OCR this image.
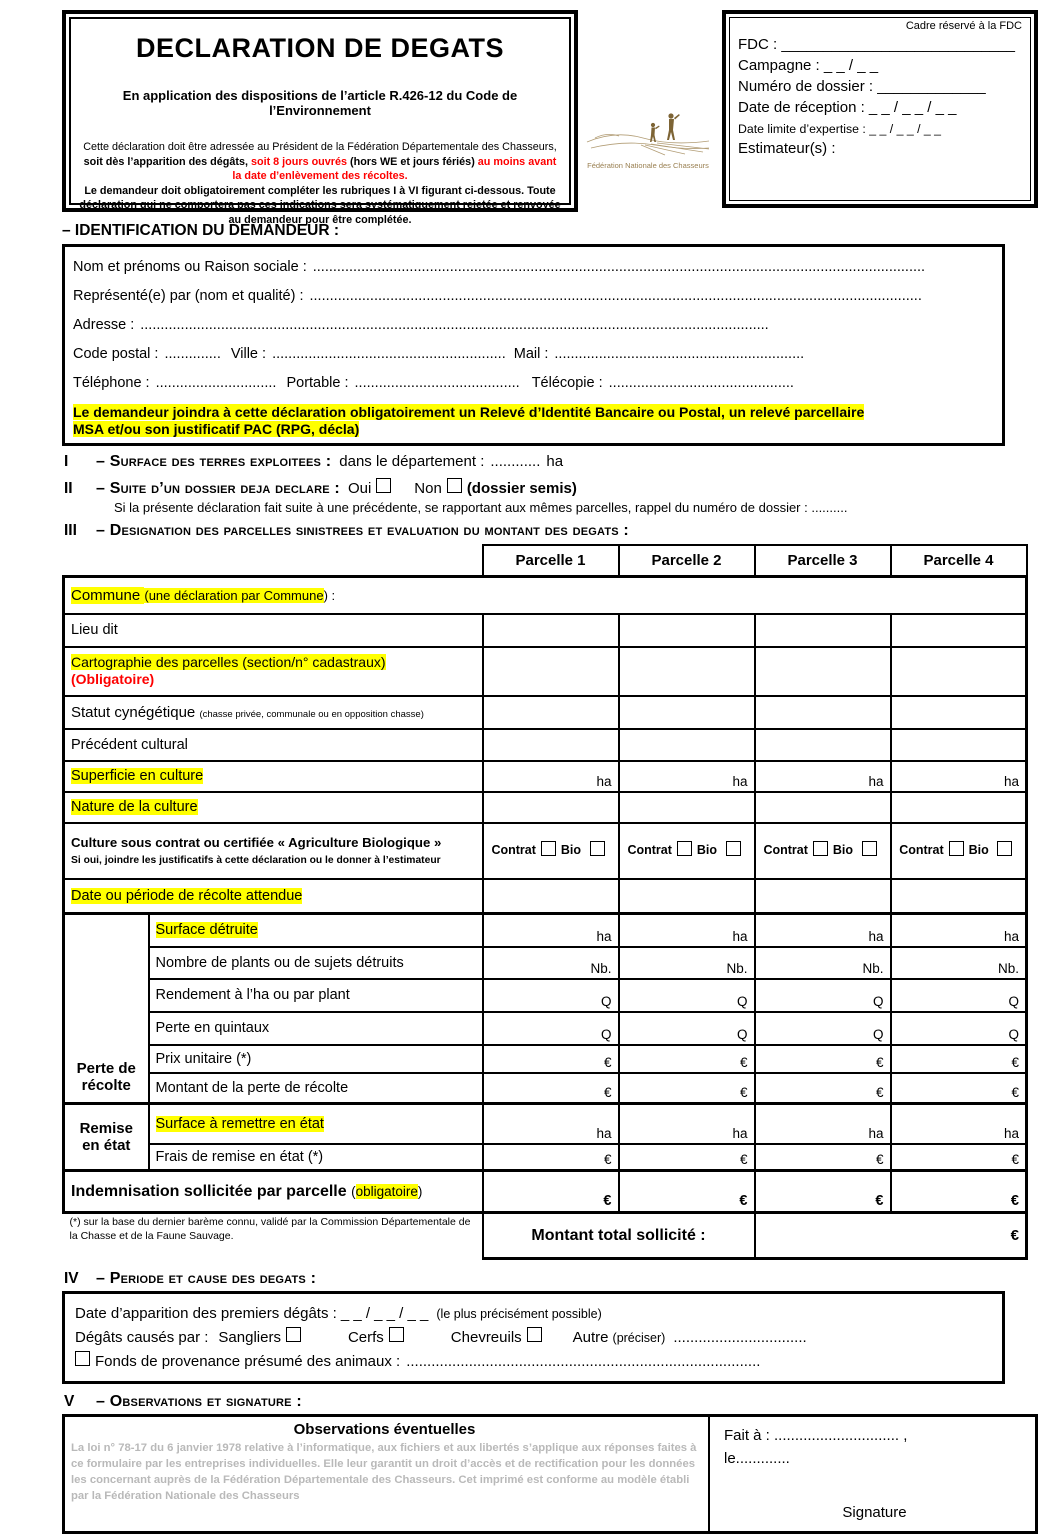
DECLARATION DE DEGATS
En application des dispositions de l’article R.426-12 du Code de l’Environnement
Cette déclaration doit être adressée au Président de la Fédération Départementale des Chasseurs, soit dès l’apparition des dégâts, soit 8 jours ouvrés (hors WE et jours fériés) au moins avant la date d’enlèvement des récoltes.
Le demandeur doit obligatoirement compléter les rubriques I à VI figurant ci-dessous. Toute déclaration qui ne comportera pas ces indications sera systématiquement rejetée et renvoyée au demandeur pour être complétée.
Fédération Nationale des Chasseurs
Cadre réservé à la FDC
FDC : ____________________________
Campagne : _ _ / _ _
Numéro de dossier : _____________
Date de réception : _ _ / _ _ / _ _
Date limite d’expertise : _ _ / _ _ / _ _
Estimateur(s) :
– IDENTIFICATION DU DEMANDEUR :
Nom et prénoms ou Raison sociale : ........................................................................................................................................................
Représenté(e) par (nom et qualité) : ........................................................................................................................................................
Adresse : ............................................................................................................................................................
Code postal : .............. Ville : .......................................................... Mail : ..............................................................
Téléphone : .............................. Portable : ......................................... Télécopie : ..............................................
Le demandeur joindra à cette déclaration obligatoirement un Relevé d’Identité Bancaire ou Postal, un relevé parcellaire
MSA et/ou son justificatif PAC (RPG, décla)
I	– Surface des terres exploitees : dans le département : ............ ha
II	– Suite d’un dossier deja declare : Oui	Non (dossier semis)
Si la présente déclaration fait suite à une précédente, se rapportant aux mêmes parcelles, rappel du numéro de dossier : ..........
III	– Designation des parcelles sinistrees et evaluation du montant des degats :
		Parcelle 1	Parcelle 2	Parcelle 3	Parcelle 4
Commune (une déclaration par Commune) :					
Lieu dit					
Cartographie des parcelles (section/n° cadastraux)
(Obligatoire)					
Statut cynégétique (chasse privée, communale ou en opposition chasse)					
Précédent cultural					
Superficie en culture		ha	ha	ha	ha
Nature de la culture					
Culture sous contrat ou certifiée « Agriculture Biologique »
Si oui, joindre les justificatifs à cette déclaration ou le donner à l’estimateur		Contrat Bio	Contrat Bio	Contrat Bio	Contrat Bio
Date ou période de récolte attendue					
Perte de récolte	Surface détruite	ha	ha	ha	ha
	Nombre de plants ou de sujets détruits	Nb.	Nb.	Nb.	Nb.
	Rendement à l’ha ou par plant	Q	Q	Q	Q
	Perte en quintaux	Q	Q	Q	Q
	Prix unitaire (*)	€	€	€	€
	Montant de la perte de récolte	€	€	€	€
Remise en état	Surface à remettre en état	ha	ha	ha	ha
	Frais de remise en état (*)	€	€	€	€
Indemnisation sollicitée par parcelle (obligatoire)		€	€	€	€
(*) sur la base du dernier barème connu, validé par la Commission Départementale de la Chasse et de la Faune Sauvage.		Montant total sollicité :		€	
IV	– Periode et cause des degats :
Date d’apparition des premiers dégâts : _ _ / _ _ / _ _ (le plus précisément possible)
Dégâts causés par : Sangliers	Cerfs	Chevreuils	Autre (préciser) ................................
Fonds de provenance présumé des animaux : .....................................................................................
V	– Observations et signature :
Observations éventuelles
La loi n° 78-17 du 6 janvier 1978 relative à l’informatique, aux fichiers et aux libertés s’applique aux réponses faites à ce formulaire par les entreprises individuelles. Elle leur garantit un droit d’accès et de rectification pour les données les concernant auprès de la Fédération Départementale des Chasseurs. Cet imprimé est conforme au modèle établi par la Fédération Nationale des Chasseurs
Fait à : .............................. ,
le.............
Signature
